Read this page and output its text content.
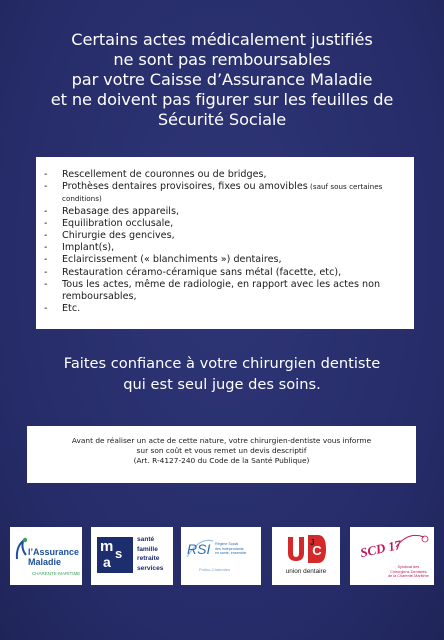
Certains actes médicalement justifiés
ne sont pas remboursables
par votre Caisse d’Assurance Maladie
et ne doivent pas figurer sur les feuilles de
Sécurité Sociale
- Rescellement de couronnes ou de bridges,
- Prothèses dentaires provisoires, fixes ou amovibles (sauf sous certaines
conditions)
- Rebasage des appareils,
- Equilibration occlusale,
- Chirurgie des gencives,
- Implant(s),
- Eclaircissement (« blanchiments ») dentaires,
- Restauration céramo-céramique sans métal (facette, etc),
- Tous les actes, même de radiologie, en rapport avec les actes non
remboursables,
- Etc.
Faites confiance à votre chirurgien dentiste
qui est seul juge des soins.
Avant de réaliser un acte de cette nature, votre chirurgien-dentiste vous informe
sur son coût et vous remet un devis descriptif
(Art. R-4127-240 du Code de la Santé Publique)
l’Assurance
Maladie
CHARENTE-MARITIME
m s
a
santé
famille
retraite
services
RSI Régime Social
des Indépendants
en santé, ensemble
Poitou-Charentes
C
J
union dentaire
SCD 17
Syndicat des
Chirurgiens-Dentistes
de la Charente-Maritime
